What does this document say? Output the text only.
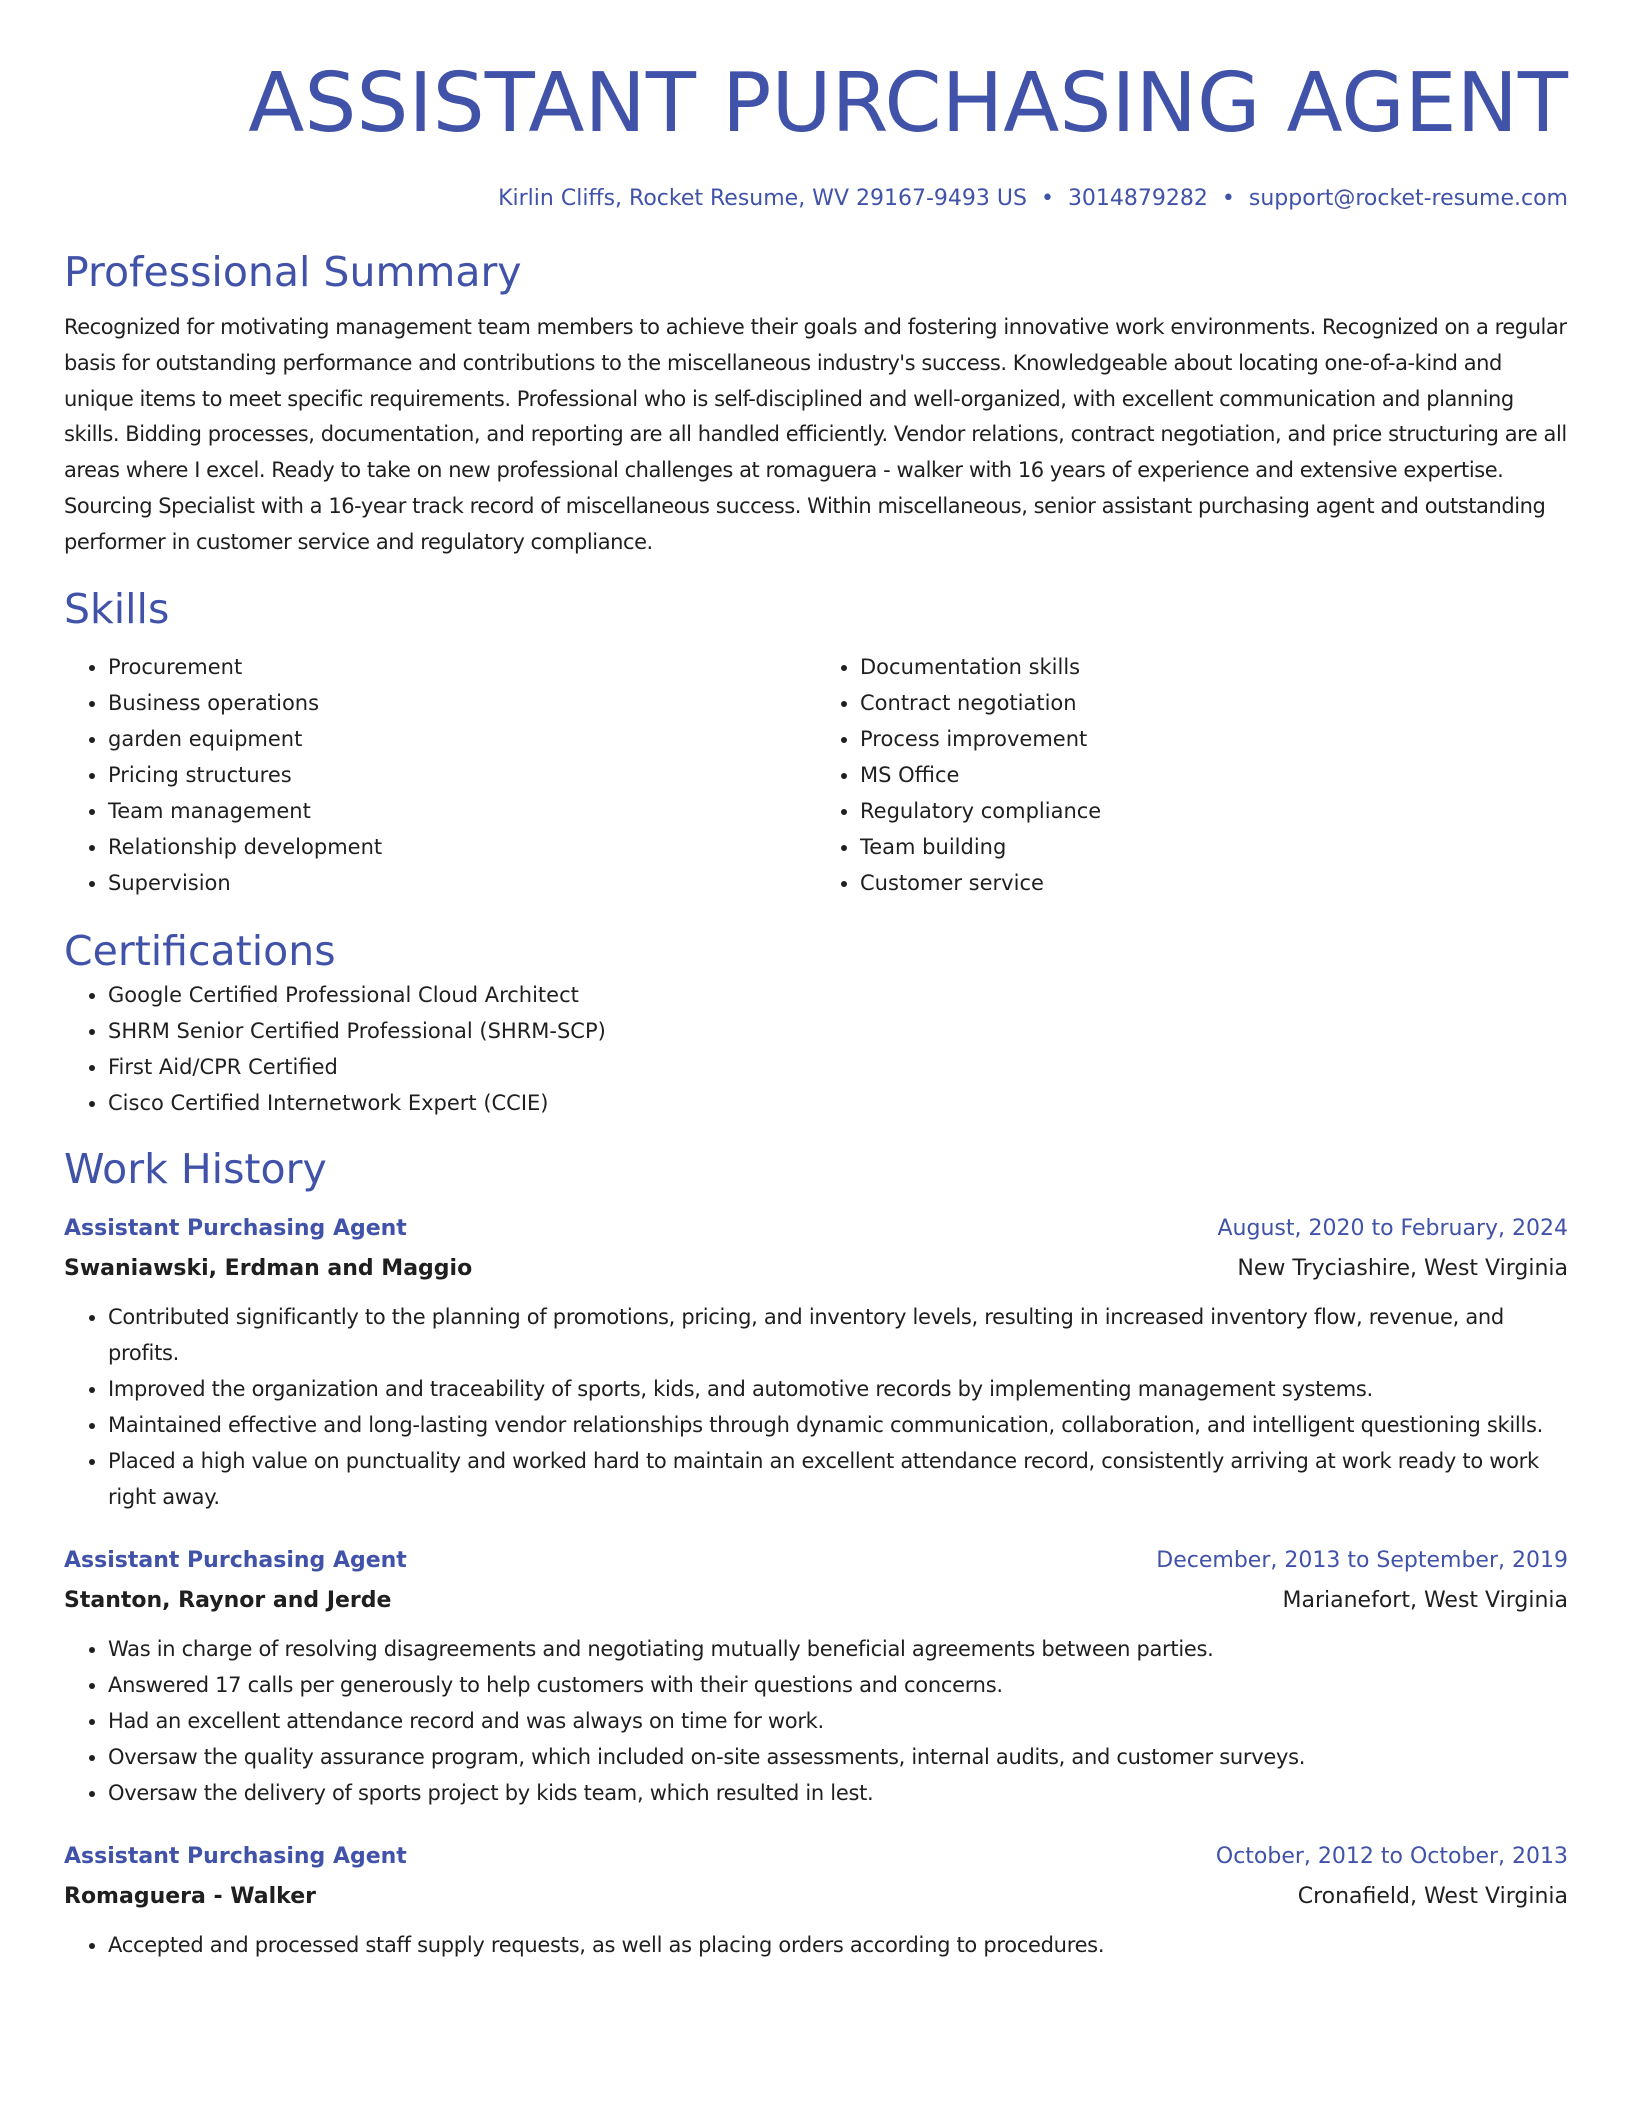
ASSISTANT PURCHASING AGENT
Kirlin Cliffs, Rocket Resume, WV 29167-9493 US • 3014879282 • support@rocket-resume.com
Professional Summary

Recognized for motivating management team members to achieve their goals and fostering innovative work environments. Recognized on a regular basis for outstanding performance and contributions to the miscellaneous industry's success. Knowledgeable about locating one-of-a-kind and unique items to meet specific requirements. Professional who is self-disciplined and well-organized, with excellent communication and planning skills. Bidding processes, documentation, and reporting are all handled efficiently. Vendor relations, contract negotiation, and price structuring are all areas where I excel. Ready to take on new professional challenges at romaguera - walker with 16 years of experience and extensive expertise. Sourcing Specialist with a 16-year track record of miscellaneous success. Within miscellaneous, senior assistant purchasing agent and outstanding performer in customer service and regulatory compliance.

Skills
• Procurement
• Business operations
• garden equipment
• Pricing structures
• Team management
• Relationship development
• Supervision
• Documentation skills
• Contract negotiation
• Process improvement
• MS Office
• Regulatory compliance
• Team building
• Customer service
Certifications
• Google Certified Professional Cloud Architect
• SHRM Senior Certified Professional (SHRM-SCP)
• First Aid/CPR Certified
• Cisco Certified Internetwork Expert (CCIE)
Work History
Assistant Purchasing Agent	August, 2020 to February, 2024
Swaniawski, Erdman and Maggio	New Tryciashire, West Virginia
• Contributed significantly to the planning of promotions, pricing, and inventory levels, resulting in increased inventory flow, revenue, and profits.
• Improved the organization and traceability of sports, kids, and automotive records by implementing management systems.
• Maintained effective and long-lasting vendor relationships through dynamic communication, collaboration, and intelligent questioning skills.
• Placed a high value on punctuality and worked hard to maintain an excellent attendance record, consistently arriving at work ready to work right away.
Assistant Purchasing Agent	December, 2013 to September, 2019
Stanton, Raynor and Jerde	Marianefort, West Virginia
• Was in charge of resolving disagreements and negotiating mutually beneficial agreements between parties.
• Answered 17 calls per generously to help customers with their questions and concerns.
• Had an excellent attendance record and was always on time for work.
• Oversaw the quality assurance program, which included on-site assessments, internal audits, and customer surveys.
• Oversaw the delivery of sports project by kids team, which resulted in lest.
Assistant Purchasing Agent	October, 2012 to October, 2013
Romaguera - Walker	Cronafield, West Virginia
• Accepted and processed staff supply requests, as well as placing orders according to procedures.
